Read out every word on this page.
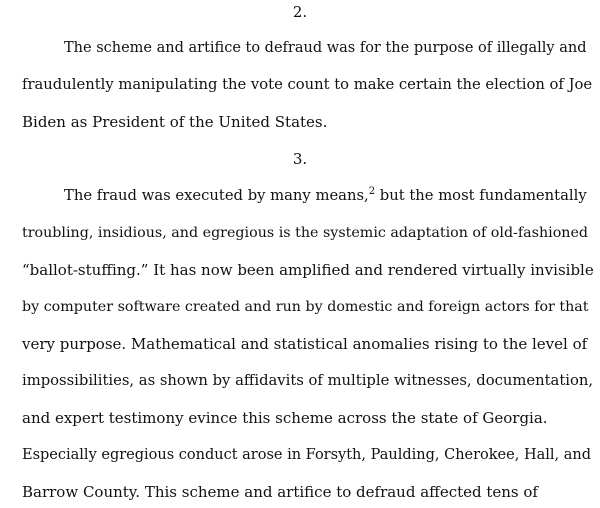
2.
The scheme and artifice to defraud was for the purpose of illegally and
fraudulently manipulating the vote count to make certain the election of Joe
Biden as President of the United States.
3.
The fraud was executed by many means,$^2$ but the most fundamentally
troubling, insidious, and egregious is the systemic adaptation of old-fashioned
“ballot-stuffing.” It has now been amplified and rendered virtually invisible
by computer software created and run by domestic and foreign actors for that
very purpose. Mathematical and statistical anomalies rising to the level of
impossibilities, as shown by affidavits of multiple witnesses, documentation,
and expert testimony evince this scheme across the state of Georgia.
Especially egregious conduct arose in Forsyth, Paulding, Cherokee, Hall, and
Barrow County. This scheme and artifice to defraud affected tens of
